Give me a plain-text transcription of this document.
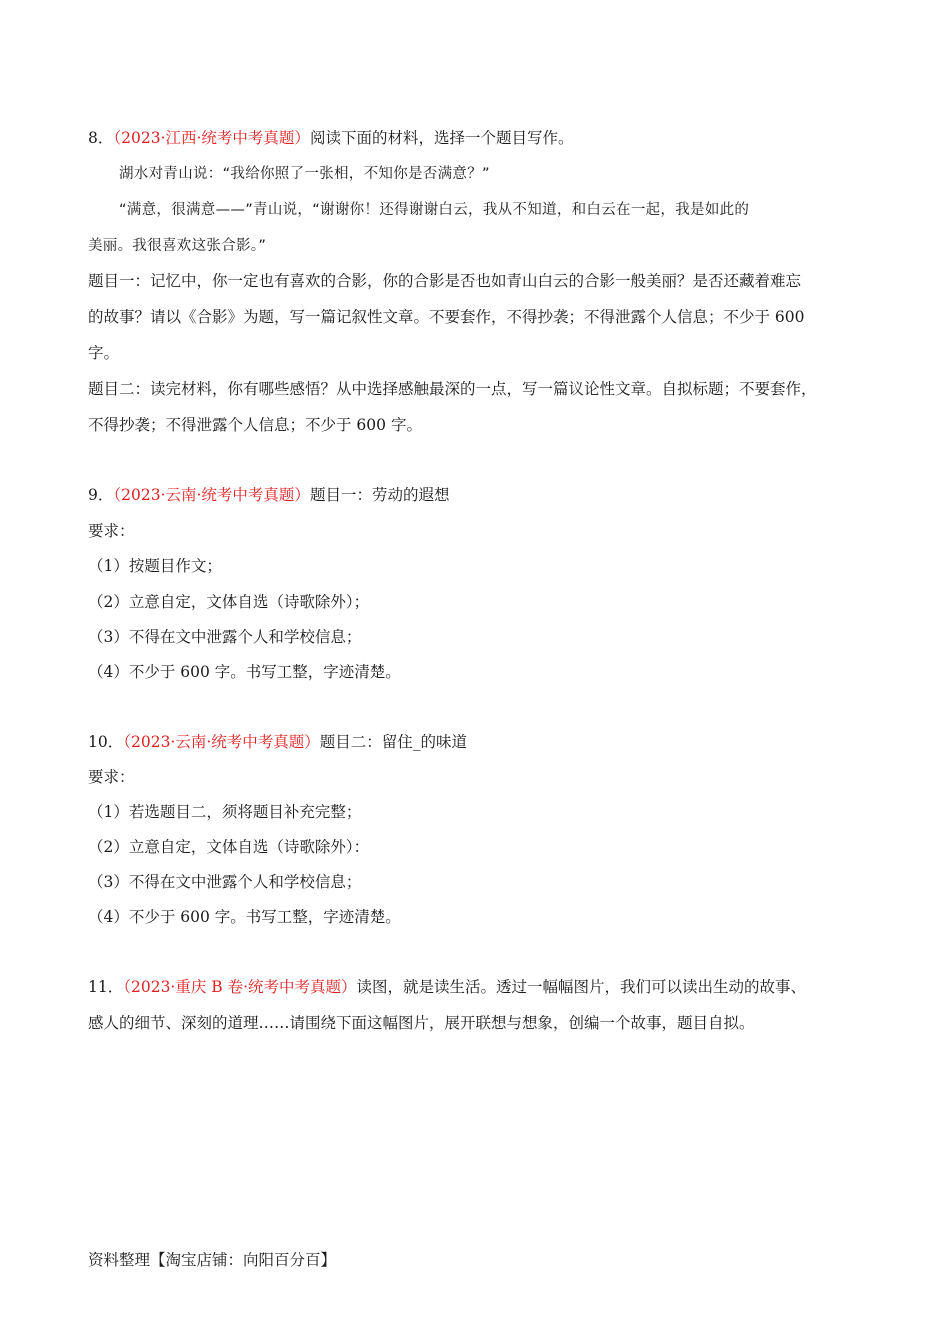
8．（2023·江西·统考中考真题）阅读下面的材料，选择一个题目写作。
湖水对青山说：“我给你照了一张相，不知你是否满意？”
“满意，很满意——”青山说，“谢谢你！还得谢谢白云，我从不知道，和白云在一起，我是如此的
美丽。我很喜欢这张合影。”
题目一：记忆中，你一定也有喜欢的合影，你的合影是否也如青山白云的合影一般美丽？是否还藏着难忘
的故事？请以《合影》为题，写一篇记叙性文章。不要套作，不得抄袭；不得泄露个人信息；不少于 600
字。
题目二：读完材料，你有哪些感悟？从中选择感触最深的一点，写一篇议论性文章。自拟标题；不要套作，
不得抄袭；不得泄露个人信息；不少于 600 字。
9．（2023·云南·统考中考真题）题目一：劳动的遐想
要求：
（1）按题目作文；
（2）立意自定，文体自选（诗歌除外）；
（3）不得在文中泄露个人和学校信息；
（4）不少于 600 字。书写工整，字迹清楚。
10．（2023·云南·统考中考真题）题目二：留住_的味道
要求：
（1）若选题目二，须将题目补充完整；
（2）立意自定，文体自选（诗歌除外）：
（3）不得在文中泄露个人和学校信息；
（4）不少于 600 字。书写工整，字迹清楚。
11．（2023·重庆 B 卷·统考中考真题）读图，就是读生活。透过一幅幅图片，我们可以读出生动的故事、
感人的细节、深刻的道理……请围绕下面这幅图片，展开联想与想象，创编一个故事，题目自拟。
资料整理【淘宝店铺：向阳百分百】
